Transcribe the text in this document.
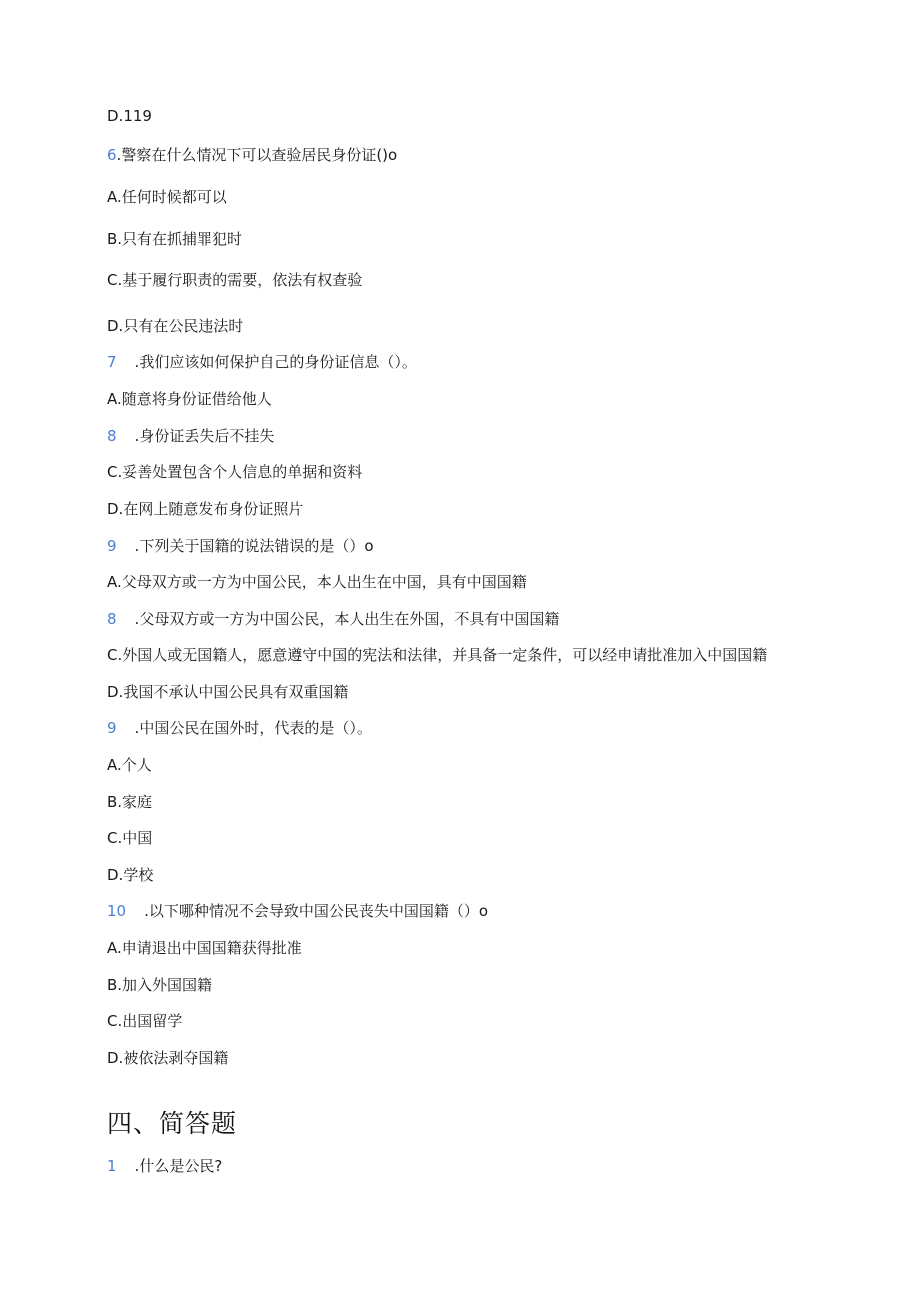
D.119
6.警察在什么情况下可以查验居民身份证()o
A.任何时候都可以
B.只有在抓捕罪犯时
C.基于履行职责的需要，依法有权查验
D.只有在公民违法时
7 .我们应该如何保护自己的身份证信息（）。
A.随意将身份证借给他人
8 .身份证丢失后不挂失
C.妥善处置包含个人信息的单据和资料
D.在网上随意发布身份证照片
9 .下列关于国籍的说法错误的是（）o
A.父母双方或一方为中国公民，本人出生在中国，具有中国国籍
8 .父母双方或一方为中国公民，本人出生在外国，不具有中国国籍
C.外国人或无国籍人，愿意遵守中国的宪法和法律，并具备一定条件，可以经申请批准加入中国国籍
D.我国不承认中国公民具有双重国籍
9 .中国公民在国外时，代表的是（）。
A.个人
B.家庭
C.中国
D.学校
10 .以下哪种情况不会导致中国公民丧失中国国籍（）o
A.申请退出中国国籍获得批准
B.加入外国国籍
C.出国留学
D.被依法剥夺国籍
四、简答题
1 .什么是公民?
